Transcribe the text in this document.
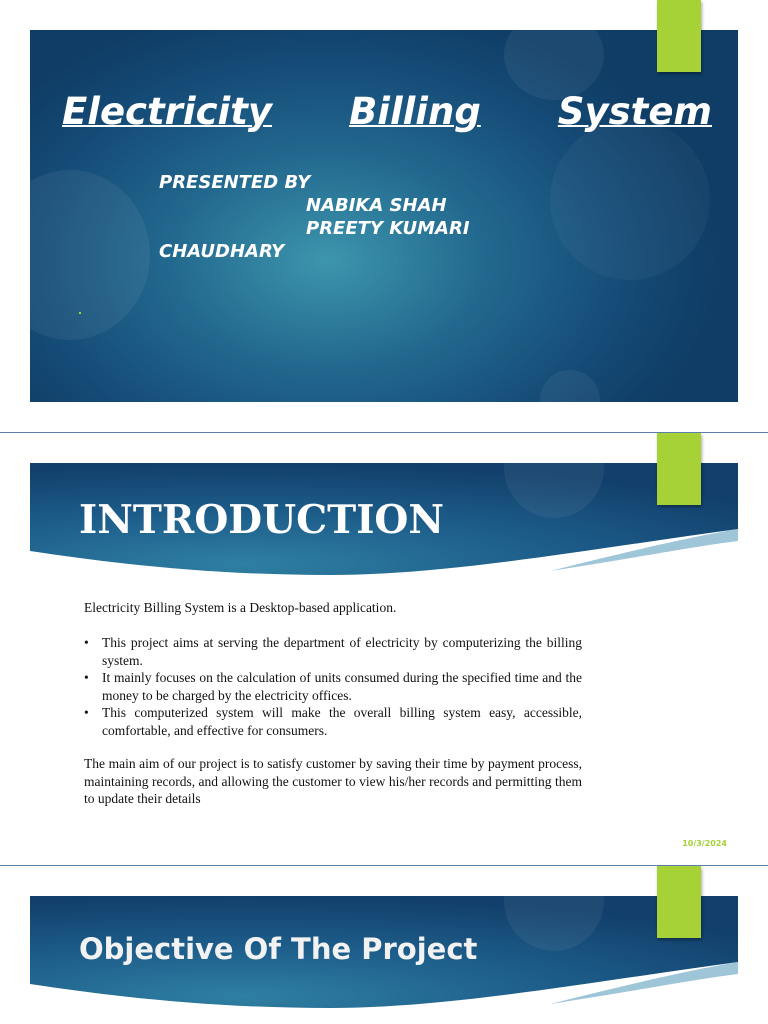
Electricity Billing System
PRESENTED BY
NABIKA SHAH
PREETY KUMARI
CHAUDHARY
INTRODUCTION
Electricity Billing System is a Desktop-based application.
• This project aims at serving the department of electricity by computerizing the billing system.
• It mainly focuses on the calculation of units consumed during the specified time and the money to be charged by the electricity offices.
• This computerized system will make the overall billing system easy, accessible, comfortable, and effective for consumers.
The main aim of our project is to satisfy customer by saving their time by payment process, maintaining records, and allowing the customer to view his/her records and permitting them to update their details
10/3/2024
Objective Of The Project
